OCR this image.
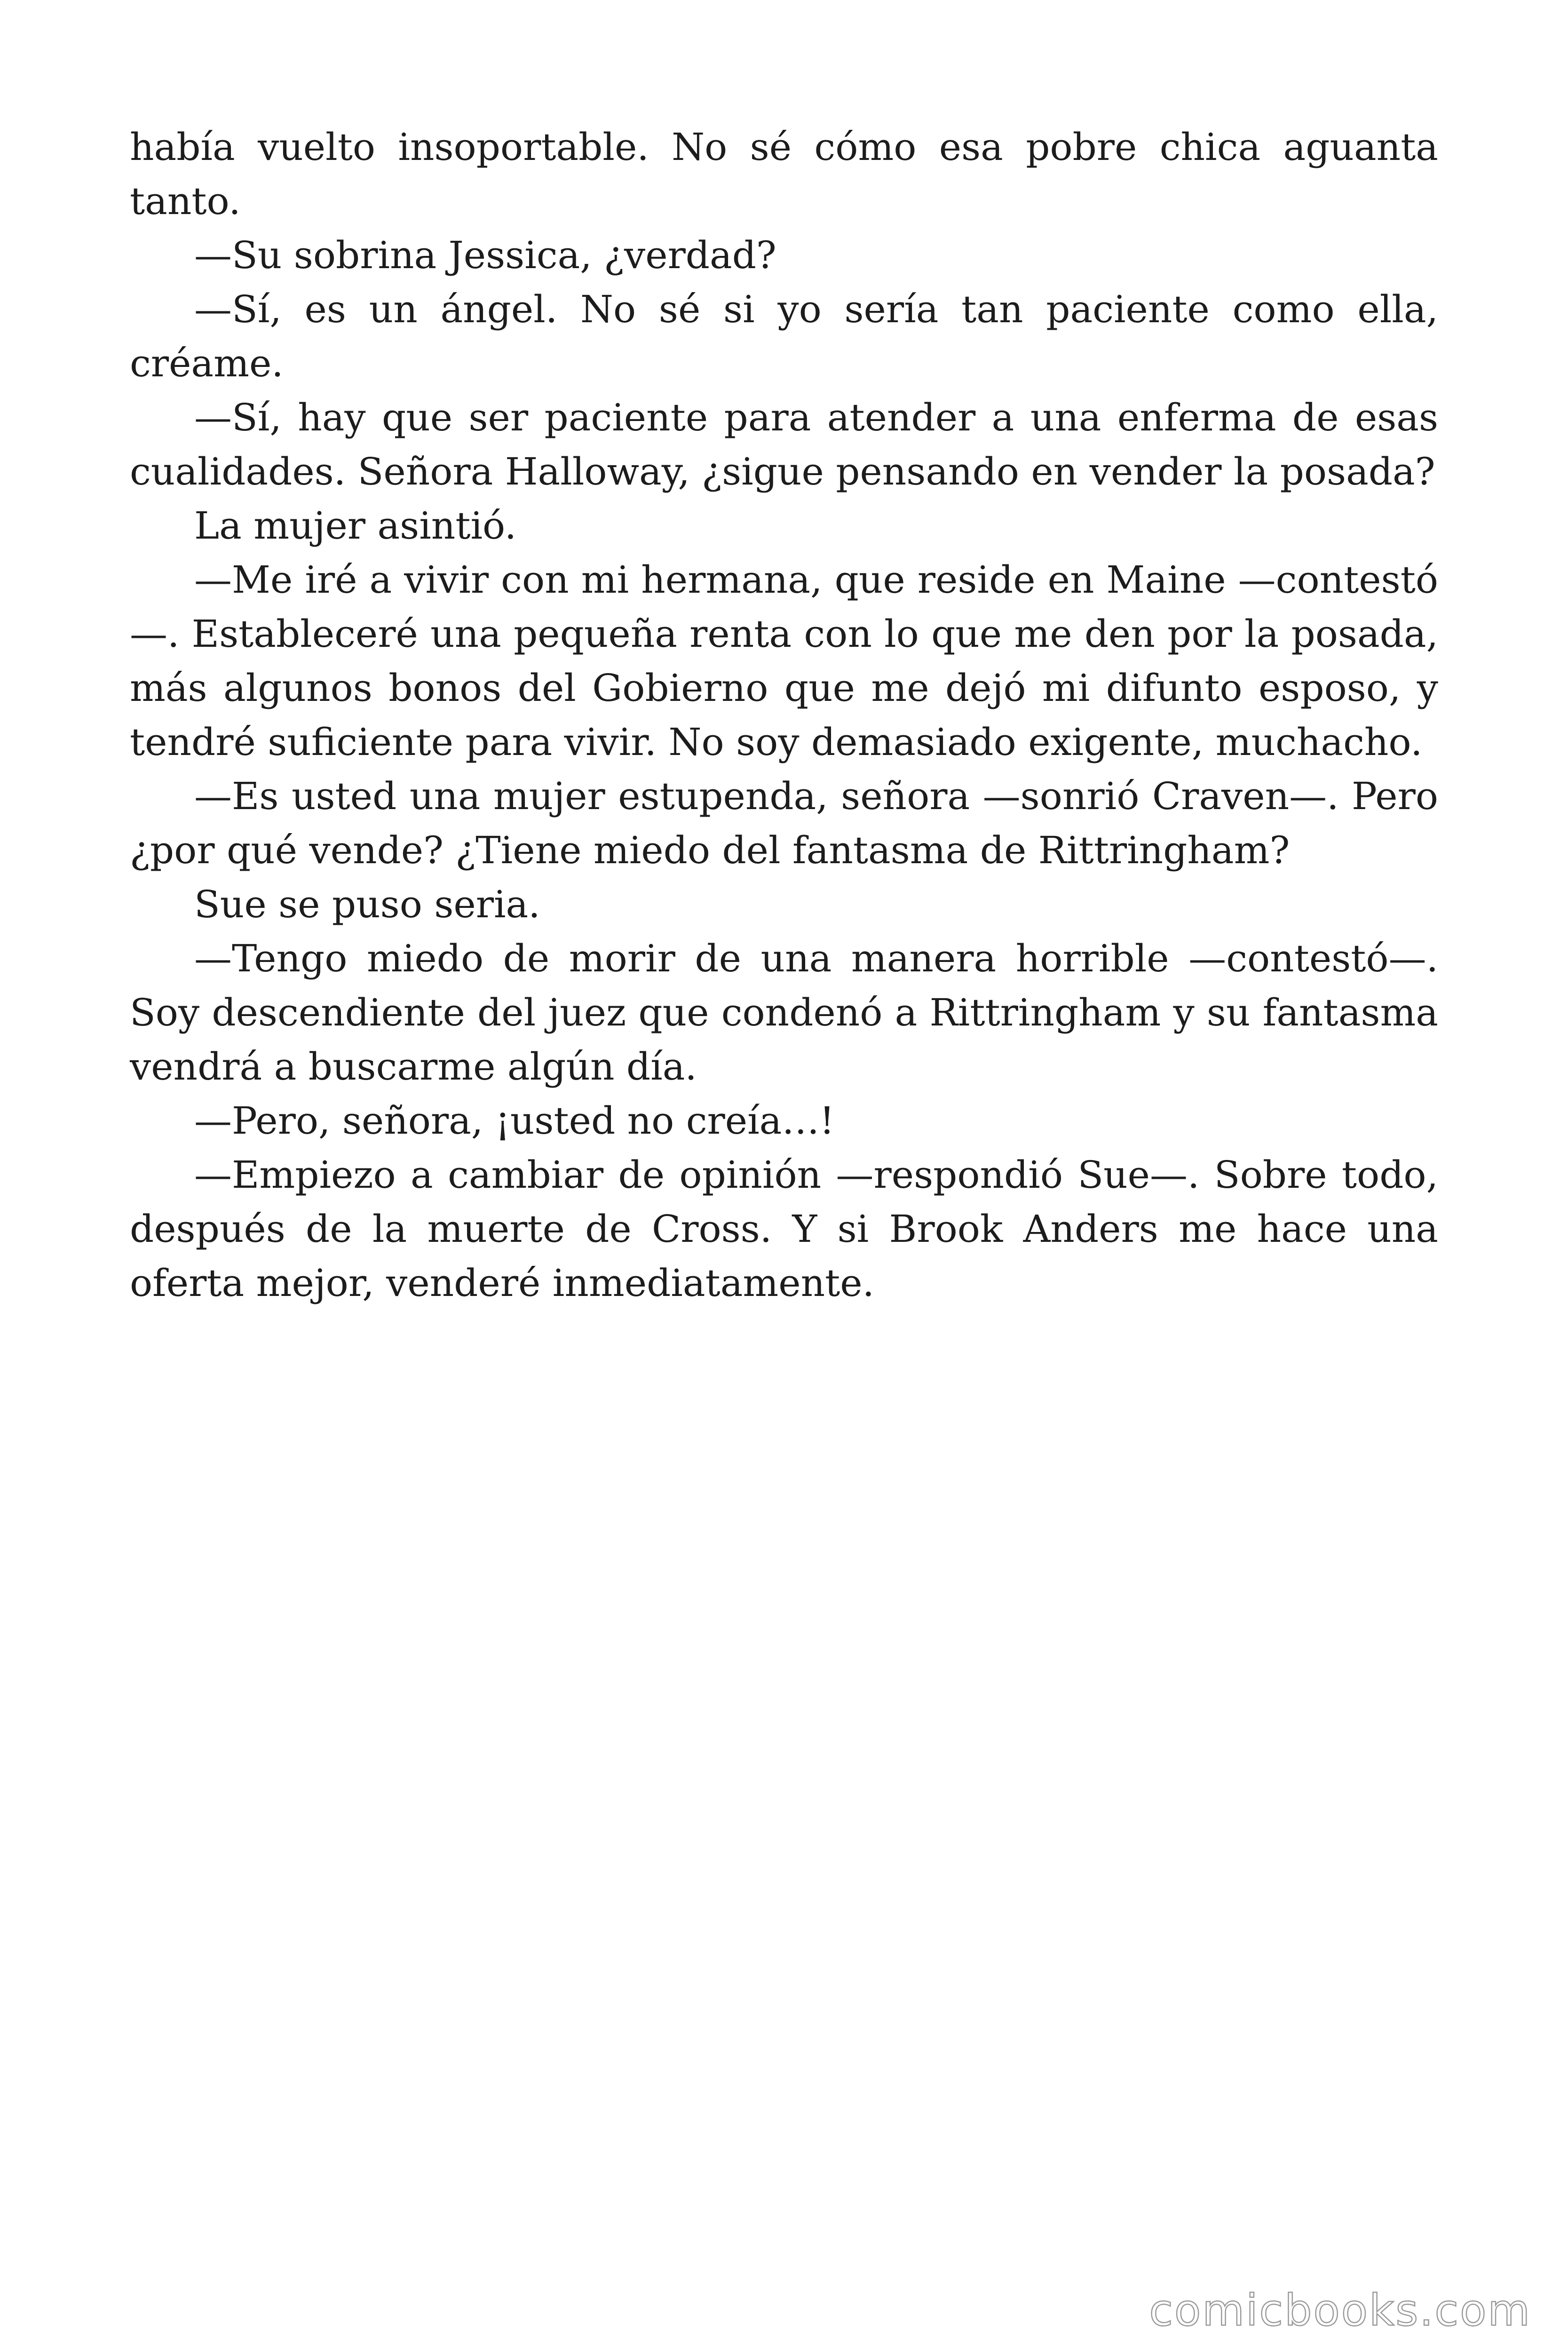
había vuelto insoportable. No sé cómo esa pobre chica aguanta tanto.

—Su sobrina Jessica, ¿verdad?

—Sí, es un ángel. No sé si yo sería tan paciente como ella, créame.

—Sí, hay que ser paciente para atender a una enferma de esas cualidades. Señora Halloway, ¿sigue pensando en vender la posada?

La mujer asintió.

—Me iré a vivir con mi hermana, que reside en Maine —contestó—. Estableceré una pequeña renta con lo que me den por la posada, más algunos bonos del Gobierno que me dejó mi difunto esposo, y tendré suficiente para vivir. No soy demasiado exigente, muchacho.

—Es usted una mujer estupenda, señora —sonrió Craven—. Pero ¿por qué vende? ¿Tiene miedo del fantasma de Rittringham?

Sue se puso seria.

—Tengo miedo de morir de una manera horrible —contestó—. Soy descendiente del juez que condenó a Rittringham y su fantasma vendrá a buscarme algún día.

—Pero, señora, ¡usted no creía…!

—Empiezo a cambiar de opinión —respondió Sue—. Sobre todo, después de la muerte de Cross. Y si Brook Anders me hace una oferta mejor, venderé inmediatamente.

comicbooks.com
